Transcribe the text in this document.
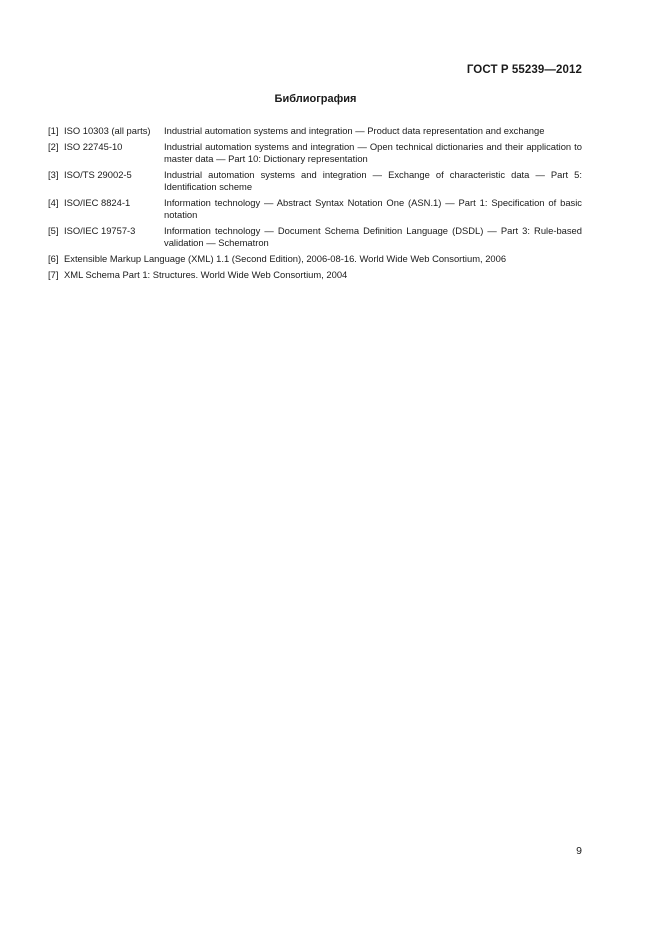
ГОСТ Р 55239—2012
Библиография
[1] ISO 10303 (all parts)	Industrial automation systems and integration — Product data representation and exchange
[2] ISO 22745-10	Industrial automation systems and integration — Open technical dictionaries and their application to master data — Part 10: Dictionary representation
[3] ISO/TS 29002-5	Industrial automation systems and integration — Exchange of characteristic data — Part 5: Identification scheme
[4] ISO/IEC 8824-1	Information technology — Abstract Syntax Notation One (ASN.1) — Part 1: Specification of basic notation
[5] ISO/IEC 19757-3	Information technology — Document Schema Definition Language (DSDL) — Part 3: Rule-based validation — Schematron
[6] Extensible Markup Language (XML) 1.1 (Second Edition), 2006-08-16. World Wide Web Consortium, 2006
[7] XML Schema Part 1: Structures. World Wide Web Consortium, 2004
9
